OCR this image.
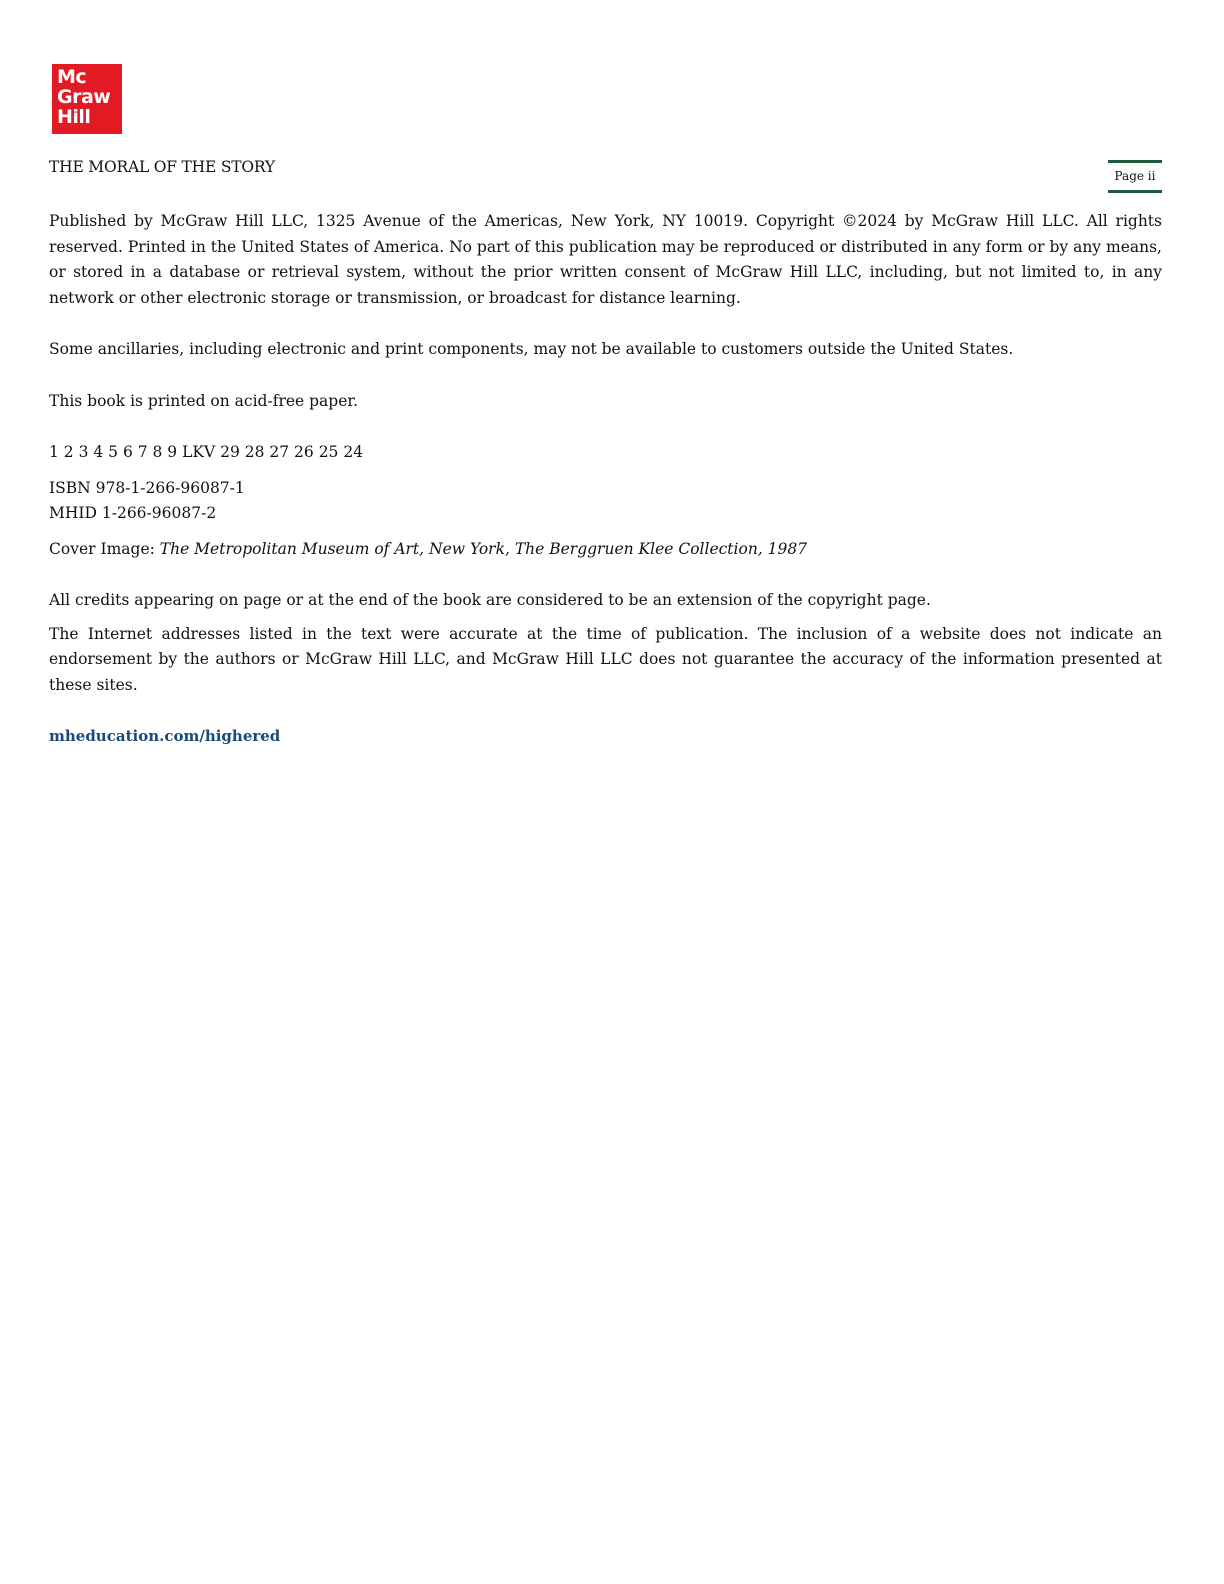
Mc
Graw
Hill
THE MORAL OF THE STORY	Page ii

Published by McGraw Hill LLC, 1325 Avenue of the Americas, New York, NY 10019. Copyright ©2024 by McGraw Hill LLC. All rights reserved. Printed in the United States of America. No part of this publication may be reproduced or distributed in any form or by any means, or stored in a database or retrieval system, without the prior written consent of McGraw Hill LLC, including, but not limited to, in any network or other electronic storage or transmission, or broadcast for distance learning.

Some ancillaries, including electronic and print components, may not be available to customers outside the United States.

This book is printed on acid-free paper.

1 2 3 4 5 6 7 8 9 LKV 29 28 27 26 25 24

ISBN 978-1-266-96087-1

MHID 1-266-96087-2

Cover Image: The Metropolitan Museum of Art, New York, The Berggruen Klee Collection, 1987

All credits appearing on page or at the end of the book are considered to be an extension of the copyright page.

The Internet addresses listed in the text were accurate at the time of publication. The inclusion of a website does not indicate an endorsement by the authors or McGraw Hill LLC, and McGraw Hill LLC does not guarantee the accuracy of the information presented at these sites.

mheducation.com/highered
